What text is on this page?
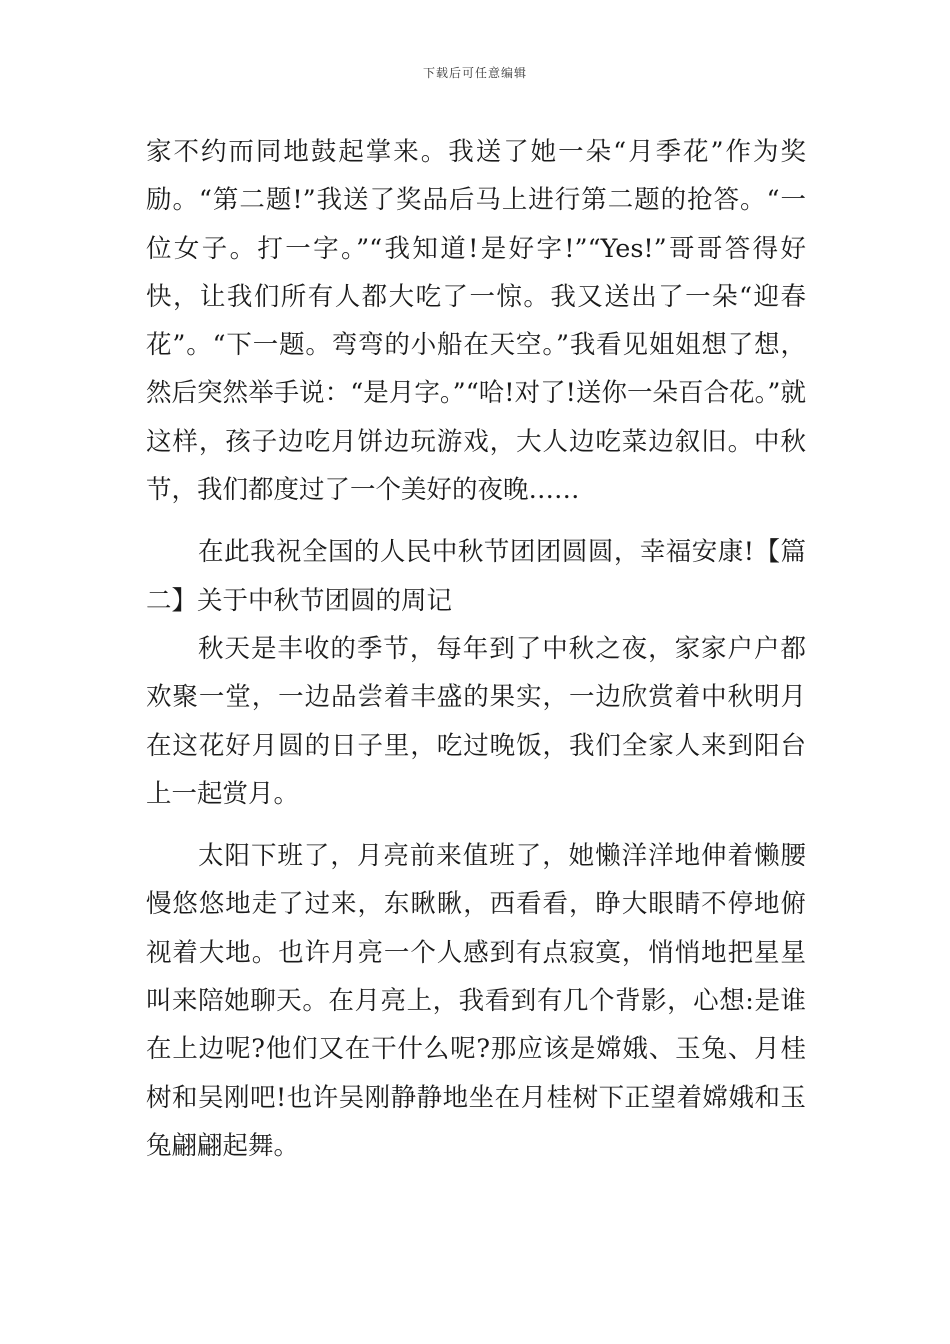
下载后可任意编辑

家不约而同地鼓起掌来。我送了她一朵“月季花”作为奖励。“第二题!”我送了奖品后马上进行第二题的抢答。“一位女子。打一字。”“我知道!是好字!”“Yes!”哥哥答得好快，让我们所有人都大吃了一惊。我又送出了一朵“迎春花”。“下一题。弯弯的小船在天空。”我看见姐姐想了想，然后突然举手说：“是月字。”“哈!对了!送你一朵百合花。”就这样，孩子边吃月饼边玩游戏，大人边吃菜边叙旧。中秋节，我们都度过了一个美好的夜晚……

在此我祝全国的人民中秋节团团圆圆，幸福安康!【篇二】关于中秋节团圆的周记

秋天是丰收的季节，每年到了中秋之夜，家家户户都欢聚一堂，一边品尝着丰盛的果实，一边欣赏着中秋明月在这花好月圆的日子里，吃过晚饭，我们全家人来到阳台上一起赏月。

太阳下班了，月亮前来值班了，她懒洋洋地伸着懒腰慢悠悠地走了过来，东瞅瞅，西看看，睁大眼睛不停地俯视着大地。也许月亮一个人感到有点寂寞，悄悄地把星星叫来陪她聊天。在月亮上，我看到有几个背影，心想:是谁在上边呢?他们又在干什么呢?那应该是嫦娥、玉兔、月桂树和吴刚吧!也许吴刚静静地坐在月桂树下正望着嫦娥和玉兔翩翩起舞。
